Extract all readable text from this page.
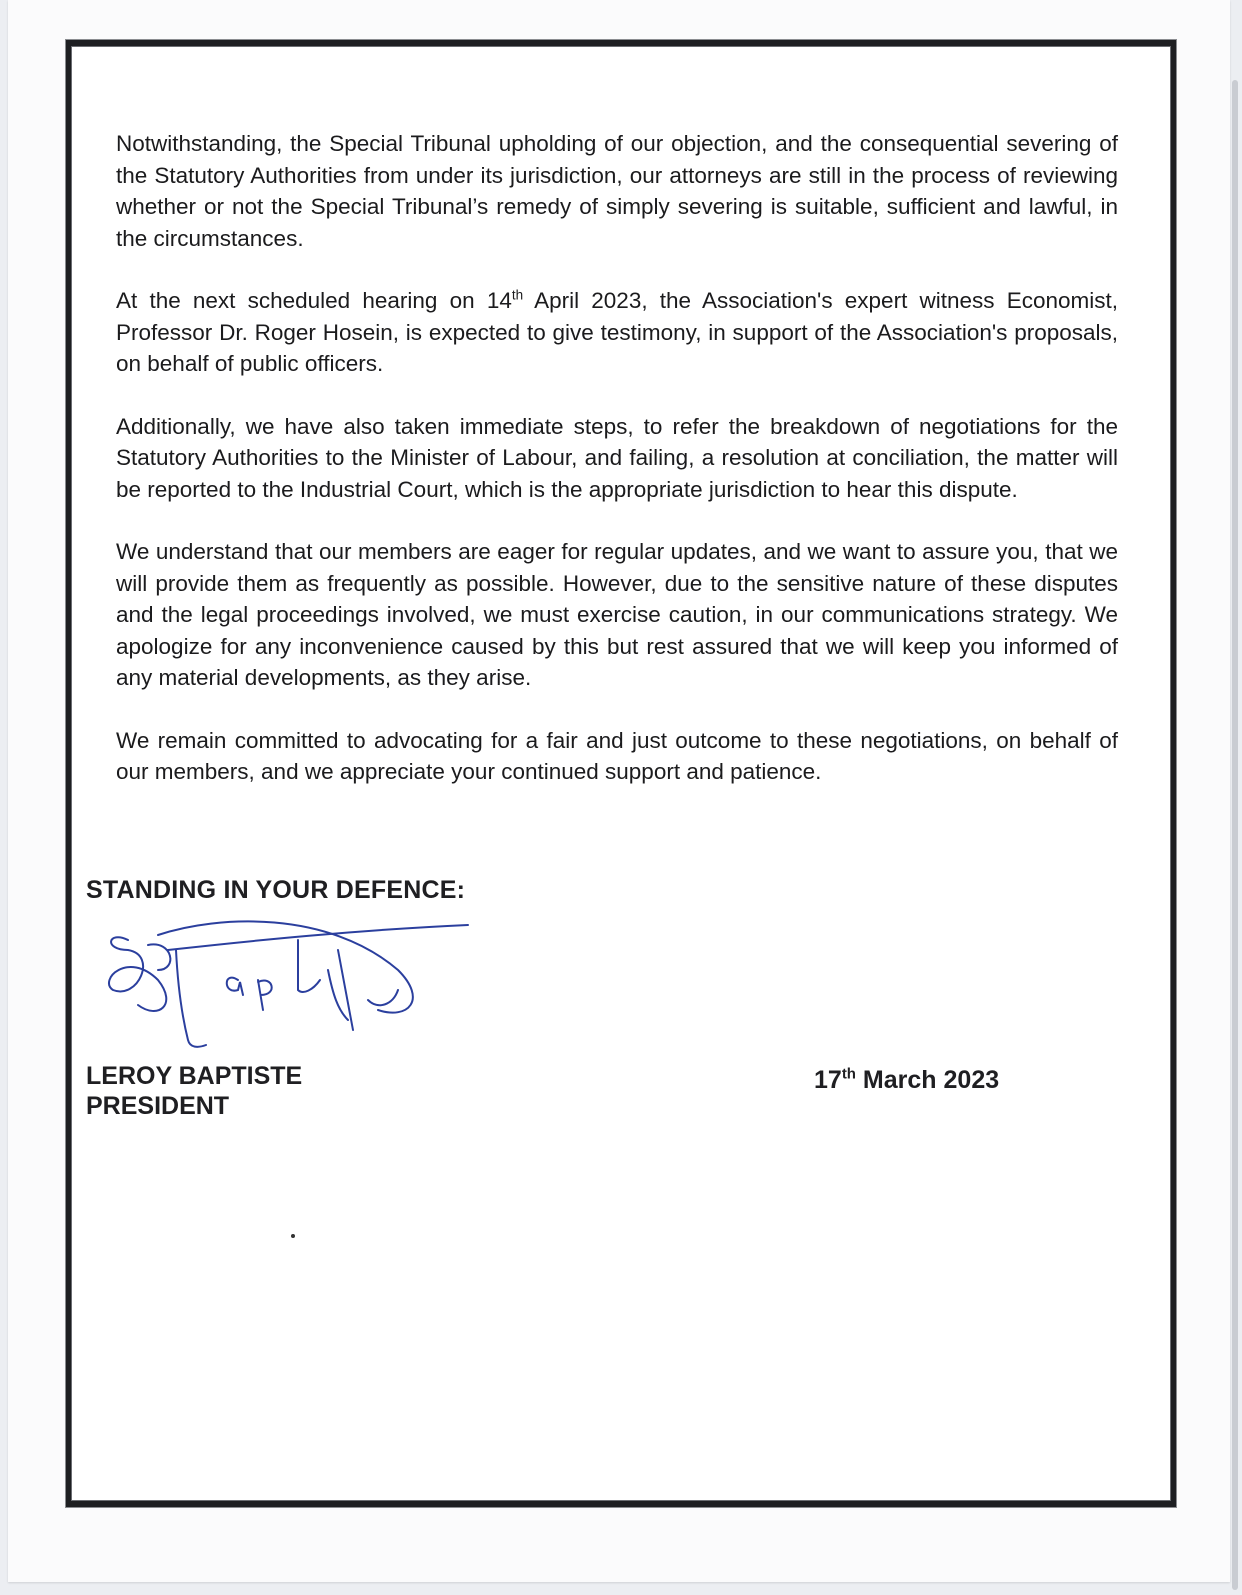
Notwithstanding, the Special Tribunal upholding of our objection, and the consequential severing of the Statutory Authorities from under its jurisdiction, our attorneys are still in the process of reviewing whether or not the Special Tribunal’s remedy of simply severing is suitable, sufficient and lawful, in the circumstances.

At the next scheduled hearing on 14th April 2023, the Association's expert witness Economist, Professor Dr. Roger Hosein, is expected to give testimony, in support of the Association's proposals, on behalf of public officers.

Additionally, we have also taken immediate steps, to refer the breakdown of negotiations for the Statutory Authorities to the Minister of Labour, and failing, a resolution at conciliation, the matter will be reported to the Industrial Court, which is the appropriate jurisdiction to hear this dispute.

We understand that our members are eager for regular updates, and we want to assure you, that we will provide them as frequently as possible. However, due to the sensitive nature of these disputes and the legal proceedings involved, we must exercise caution, in our communications strategy. We apologize for any inconvenience caused by this but rest assured that we will keep you informed of any material developments, as they arise.

We remain committed to advocating for a fair and just outcome to these negotiations, on behalf of our members, and we appreciate your continued support and patience.

STANDING IN YOUR DEFENCE:
LEROY BAPTISTE
PRESIDENT
17th March 2023
